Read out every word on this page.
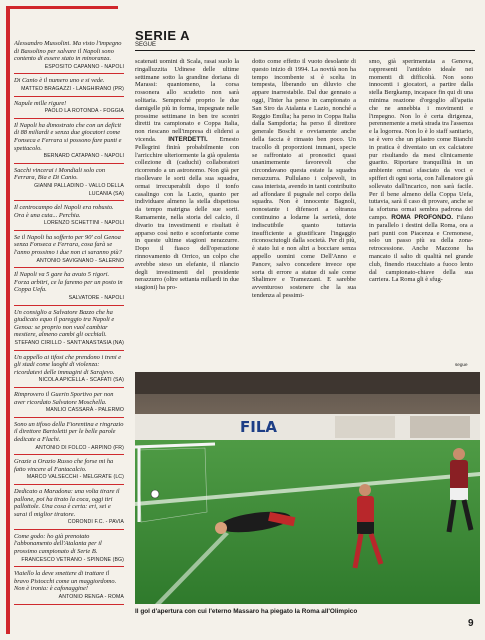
Alessandro Mussolini. Ma visto l'impegno di Bassolino per salvare il Napoli sono contento di essere stato in minoranza.
ESPOSITO CAPANNO - NAPOLI
Di Canio è il numero uno e si vede.
MATTEO BRAGAZZI - LANGHIRANO (PR)
Napule mille rigure!
PAOLO LA ROTONDA - FOGGIA
Il Napoli ha dimostrato che con un deficit di 88 miliardi e senza due giocatori come Fonseca e Ferrara si possono fare punti e spettacolo.
BERNARD CATAPANO - NAPOLI
Sacchi vincerai i Mondiali solo con Ferrara, Bia e Di Canio.
GIANNI PALLADINO - VALLO DELLA LUCANIA (SA)
Il centrocampo del Napoli era robusto. Ora è una cuta... Perchia.
LORENZO SCHETTINI - NAPOLI
Se il Napoli ha sofferto per 90' col Genoa senza Fonseca e Ferrara, cosa farà se l'anno prossimo i due non ci saranno più?
ANTONIO SAVIGNANO - SALERNO
Il Napoli va 5 gare ha avuto 5 rigori. Forza arbitri, ce la faremo per un posto in Coppa Uefa.
SALVATORE - NAPOLI
Un consiglio a Salvatore Bazzo che ha giudicato equo il pareggio tra Napoli e Genoa: se proprio non vuol cambiar mestiere, almeno cambi gli occhiali.
STEFANO CIRILLO - SANT'ANASTASIA (NA)
Un appello ai tifosi che prendono i treni e gli stadi come luoghi di violenza: ricordatevi delle immagini di Sarajevo.
NICOLA APICELLA - SCAFATI (SA)
Rimprovero il Guerin Sportivo per non aver ricordato Salvatore Moschella.
MANLIO CASSARÀ - PALERMO
Sono un tifoso della Fiorentina e ringrazio il direttore Bartoletti per le belle parole dedicate a Flachi.
ANTONIO DI FOLCO - ARPINO (FR)
Grazie a Orazio Russo che forse mi ha fatto vincere al Fantacalcio.
MARCO VALSECCHI - MELGRATE (LC)
Dedicato a Maradona: una volta tirare il pallone, poi ha tirato la coca, oggi tiri pallottole. Una cosa è certa: eri, sei e sarai il miglior tiratore.
CORONDI F.C. - PAVIA
Come godo: ho già prenotato l'abbonamento dell'Atalanta per il prossimo campionato di Serie B.
FRANCESCO VETRANO - SPINONE (BG)
Viaiello la deve smettere di trattare il bravo Pistocchi come un maggiordomo. Non è ironia: è cafonaggine!
ANTONIO RENGA - ROMA
SERIE A
SEGUE

scatenati uomini di Scala, rasai suolo la ringalluzzita Udinese delle ultime settimane sotto la grandine doriana di Marassi: quantomeno, la corsa rossonera allo scudetto non sarà solitaria. Sempreché proprio le due damigelle più in forma, impegnate nelle prossime settimane in ben tre scontri diretti tra campionato e Coppa Italia, non riescano nell'impresa di elidersi a vicenda. INTERDETTI. Ernesto Pellegrini finirà probabilmente con l'arricchire ulteriormente la già opulenta collezione di (caduchi) collaboratori ricorrendo a un astronomo. Non già per risollevare le sorti della sua squadra, ormai irrecuperabili dopo il tonfo casalingo con la Lazio, quanto per individuare almeno la stella dispettosa da tempo matrigna delle sue sorti. Ramamente, nella storia del calcio, il divario tra investimenti e risultati è apparso così netto e sconfortante come in queste ultime stagioni nerazzurre. Dopo il fiasco dell'operazione rinnovamento di Orrico, un colpo che avrebbe steso un elefante, il rilancio degli investimenti del presidente nerazzurro (oltre settanta miliardi in due stagioni) ha pro-

dotto come effetto il vuoto desolante di questo inizio di 1994. La novità non ha tempo incombente si è scelta in tempesta, liberando un diluvio che appare inarrestabile. Dal due gennaio a oggi, l'Inter ha perso in campionato a San Siro da Atalanta e Lazio, nonché a Reggio Emilia; ha perso in Coppa Italia dalla Sampdoria; ha perso il direttore generale Boschi e ovviamente anche della faccia è rimasto ben poco. Un tracollo di proporzioni immani, specie se raffrontato ai pronostici quasi unanimemente favorevoli che circondavano questa estate la squadra nerazzurra. Pullulano i colpevoli, in casa interista, avendo in tanti contribuito ad affondare il pugnale nel corpo della squadra. Non è innocente Bagnoli, nonostante i difensori a oltranza continuino a lodarne la serietà, dote indiscutibile quanto tuttavia insufficiente a giustificare l'ingaggio riconosciutogli dalla società. Per di più, è stato lui e non altri a bocciare senza appello uomini come Dell'Anno e Pancev, salvo concedere invece ope sorta di errore a statue di sale come Shalimov e Tramezzani. E sarebbe avventuroso sostenere che la sua tendenza al pessimi-

smo, già sperimentata a Genova, rappresenti l'antidoto ideale nei momenti di difficoltà. Non sono innocenti i giocatori, a partire dalla stella Bergkamp, incapace fin qui di una minima reazione d'orgoglio all'apatia che ne annebbia i movimenti e l'impegno. Non lo è certa dirigenza, perennemente a metà strada tra l'assenza e la logorrea. Non lo è lo staff sanitario, se è vero che un pilastro come Bianchi in pratica è diventato un ex calciatore pur risultando da mesi clinicamente guarito. Riportare tranquillità in un ambiente ormai sfasciato da voci e spifferi di ogni sorta, con l'allenatore già sollevato dall'incarico, non sarà facile. Per il bene almeno della Coppa Uefa, tuttavia, sarà il caso di provare, anche se la sfortuna ormai sembra padrona del campo. ROMA PROFONDO. Filano in parallelo i destini della Roma, ora a pari punti con Piacenza e Cremonese, solo un passo più su della zona-retrocessione. Anche Mazzone ha mancato il salto di qualità nel grande club, finendo risucchiato a fuoco lento dal campionato-chiave della sua carriera. La Roma gli è sfug-

segue
FILA
Il gol d'apertura con cui l'eterno Massaro ha piegato la Roma all'Olimpico
9
